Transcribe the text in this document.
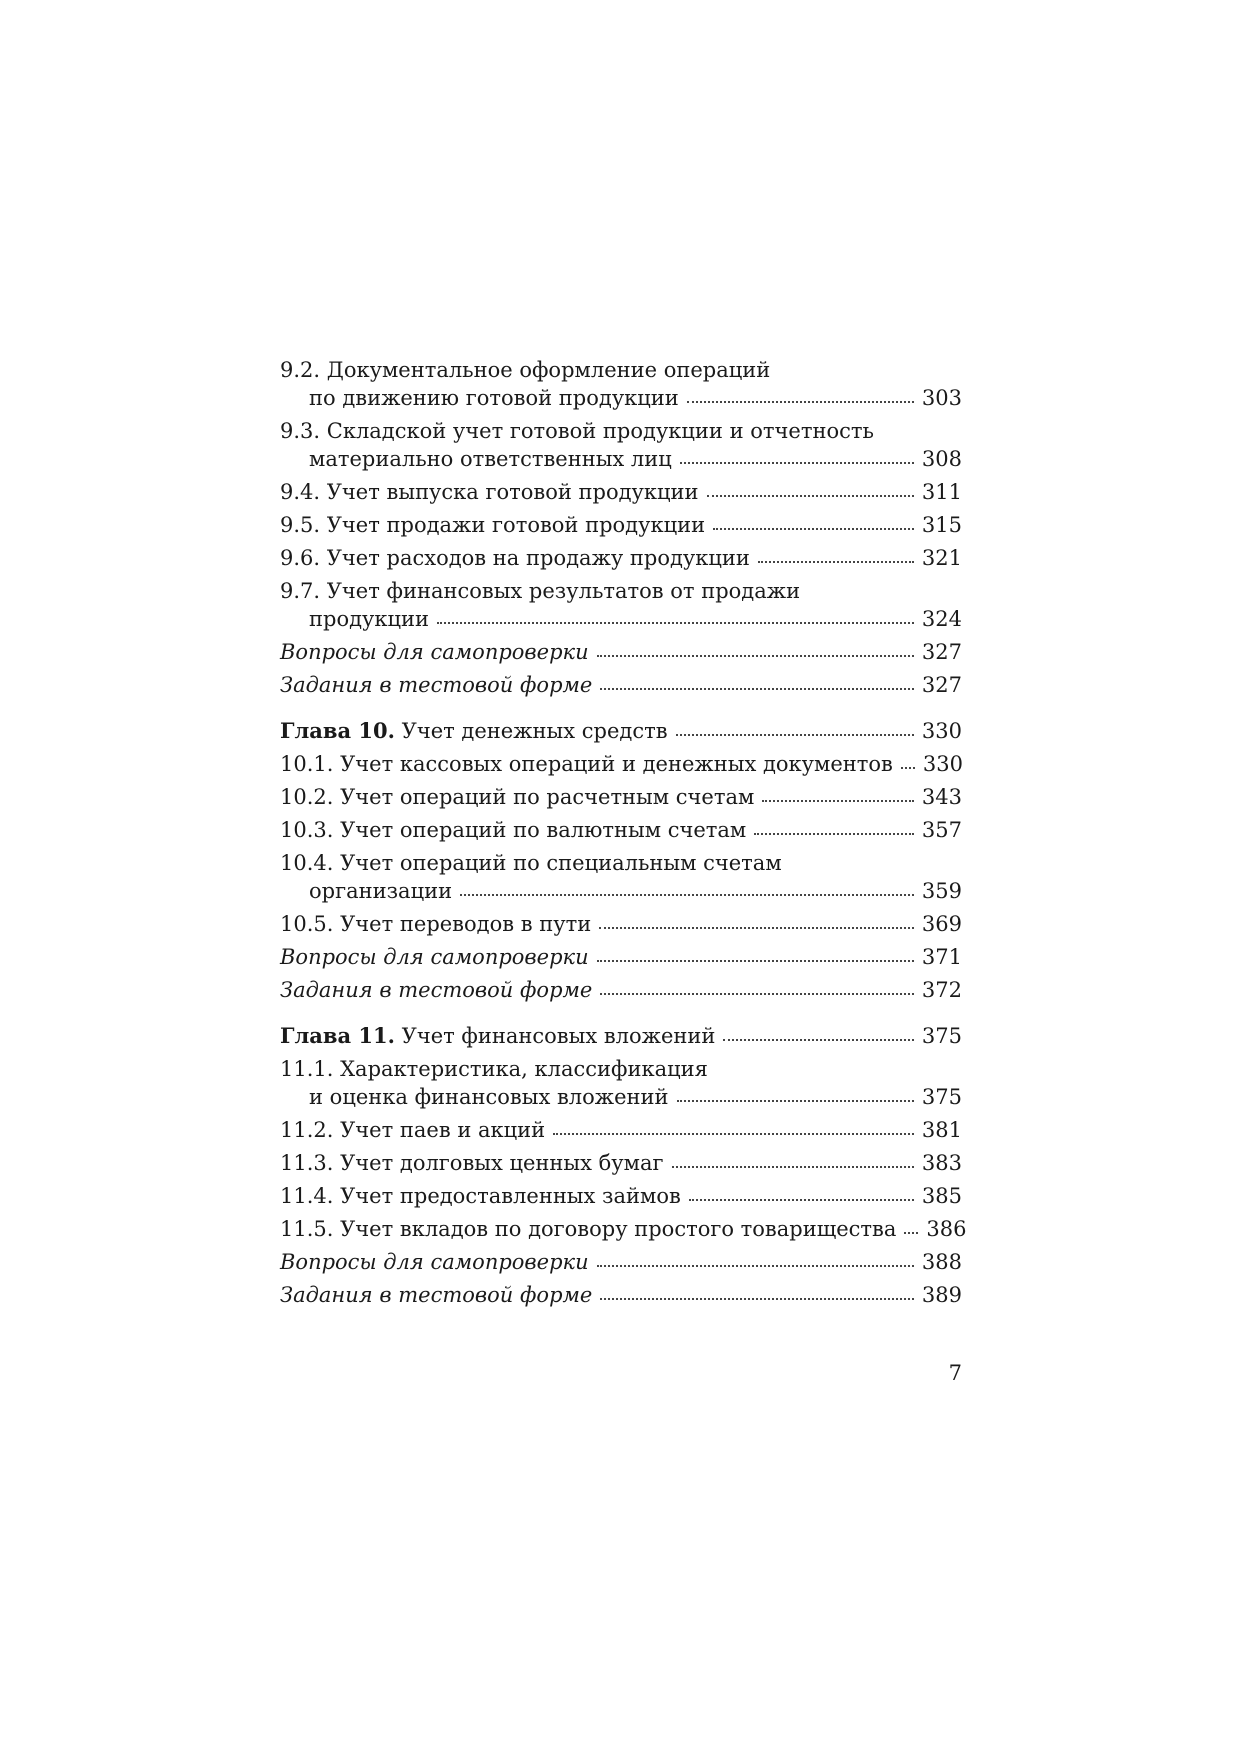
9.2. Документальное оформление операций
по движению готовой продукции	303
9.3. Складской учет готовой продукции и отчетность
материально ответственных лиц	308
9.4. Учет выпуска готовой продукции	311
9.5. Учет продажи готовой продукции	315
9.6. Учет расходов на продажу продукции	321
9.7. Учет финансовых результатов от продажи
продукции	324
Вопросы для самопроверки	327
Задания в тестовой форме	327
Глава 10. Учет денежных средств	330
10.1. Учет кассовых операций и денежных документов 330
10.2. Учет операций по расчетным счетам	343
10.3. Учет операций по валютным счетам	357
10.4. Учет операций по специальным счетам
организации	359
10.5. Учет переводов в пути	369
Вопросы для самопроверки	371
Задания в тестовой форме	372
Глава 11. Учет финансовых вложений	375
11.1. Характеристика, классификация
и оценка финансовых вложений	375
11.2. Учет паев и акций	381
11.3. Учет долговых ценных бумаг	383
11.4. Учет предоставленных займов	385
11.5. Учет вкладов по договору простого товарищества 386
Вопросы для самопроверки	388
Задания в тестовой форме	389
7
